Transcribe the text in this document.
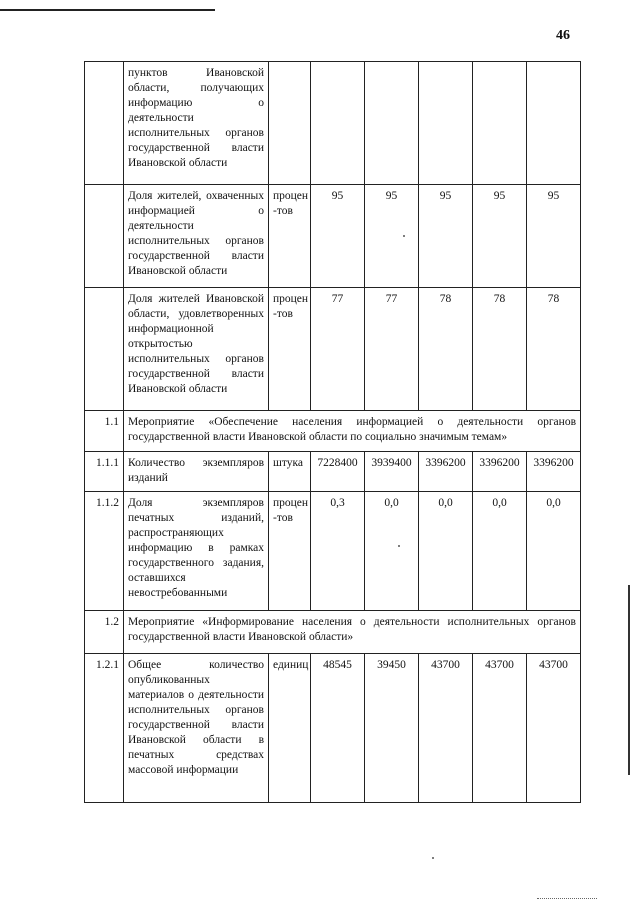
46

	пунктов Ивановской области, получающих информацию о деятельности исполнительных органов государственной власти Ивановской области						

	Доля жителей, охваченных информацией о деятельности исполнительных органов государственной власти Ивановской области	процен -тов	95	95	95	95	95

	Доля жителей Ивановской области, удовлетворенных информационной открытостью исполнительных органов государственной власти Ивановской области	процен -тов	77	77	78	78	78
1.1	Мероприятие «Обеспечение населения информацией о деятельности органов государственной власти Ивановской области по социально значимым темам»						
1.1.1	Количество экземпляров изданий	штука	7228400	3939400	3396200	3396200	3396200
1.1.2	Доля экземпляров печатных изданий, распространяющих информацию в рамках государственного задания, оставшихся невостребованными	процен -тов	0,3	0,0	0,0	0,0	0,0
1.2	Мероприятие «Информирование населения о деятельности исполнительных органов государственной власти Ивановской области»						
1.2.1	Общее количество опубликованных материалов о деятельности исполнительных органов государственной власти Ивановской области в печатных средствах массовой информации	единиц	48545	39450	43700	43700	43700
